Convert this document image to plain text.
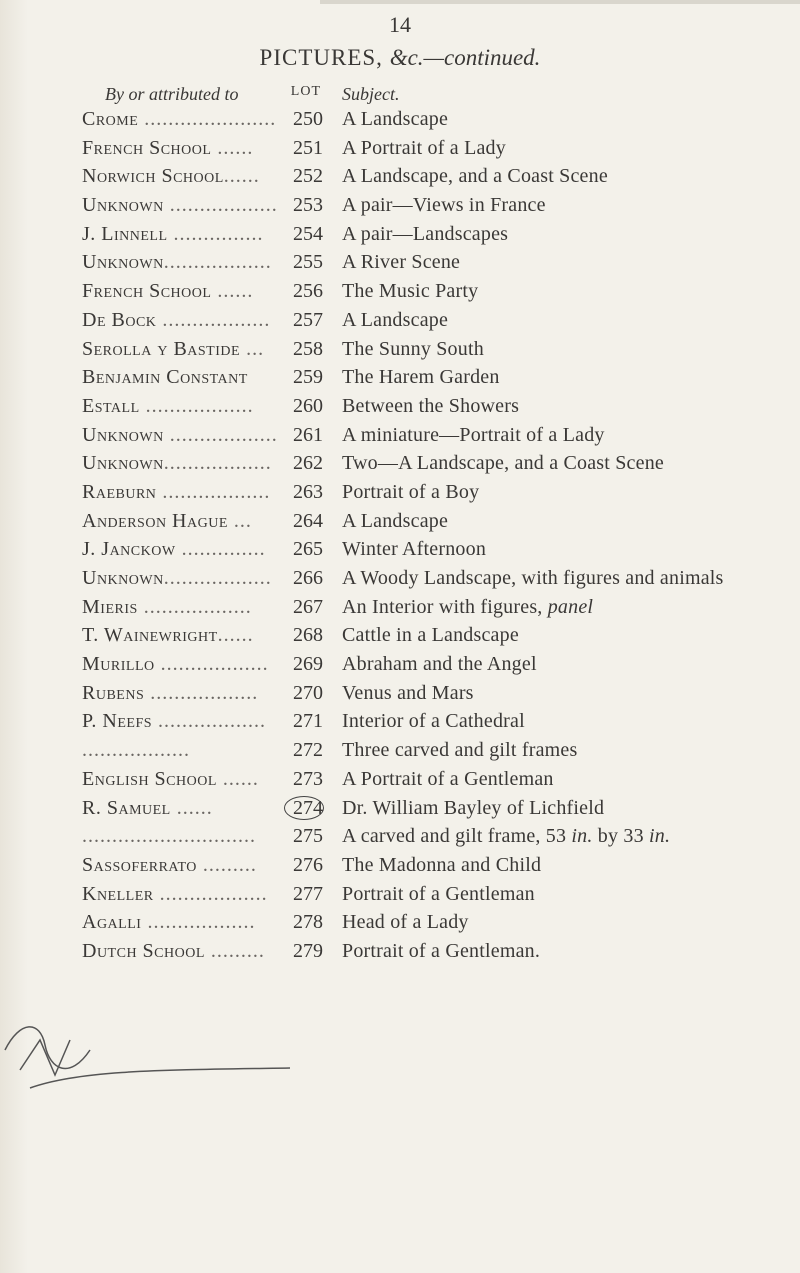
14
PICTURES, &c.—continued.
By or attributed to	LOT Subject.
Crome ...................... 250 A Landscape
French School ......	251 A Portrait of a Lady
Norwich School......	252 A Landscape, and a Coast Scene
Unknown .................. 253 A pair—Views in France
J. Linnell ...............	254 A pair—Landscapes
Unknown..................	255 A River Scene
French School ......	256 The Music Party
De Bock ..................	257 A Landscape
Serolla y Bastide ...	258 The Sunny South
Benjamin Constant	259 The Harem Garden
Estall ..................	260 Between the Showers
Unknown .................. 261 A miniature—Portrait of a Lady
Unknown..................	262 Two—A Landscape, and a Coast Scene
Raeburn ..................	263 Portrait of a Boy
Anderson Hague ...	264 A Landscape
J. Janckow ..............	265 Winter Afternoon
Unknown..................	266 A Woody Landscape, with figures and animals
Mieris ..................	267 An Interior with figures, panel
T. Wainewright......	268 Cattle in a Landscape
Murillo ..................	269 Abraham and the Angel
Rubens ..................	270 Venus and Mars
P. Neefs ..................	271 Interior of a Cathedral
..................	272 Three carved and gilt frames
English School ......	273 A Portrait of a Gentleman
R. Samuel ......	274 Dr. William Bayley of Lichfield
.............................	275 A carved and gilt frame, 53 in. by 33 in.
Sassoferrato .........	276 The Madonna and Child
Kneller ..................	277 Portrait of a Gentleman
Agalli ..................	278 Head of a Lady
Dutch School .........	279 Portrait of a Gentleman.
